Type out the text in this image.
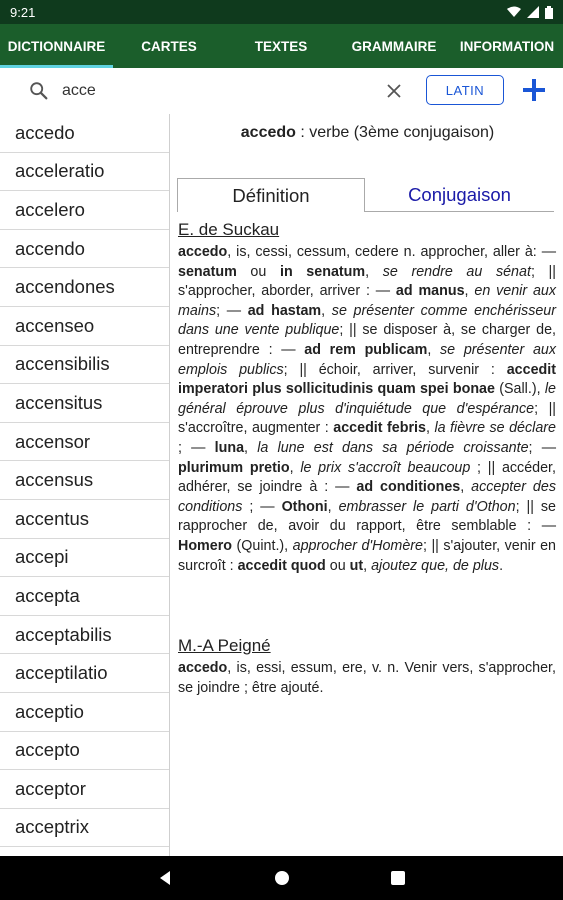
9:21
DICTIONNAIRE	CARTES	TEXTES	GRAMMAIRE	INFORMATION
acce
LATIN
accedo
acceleratio
accelero
accendo
accendones
accenseo
accensibilis
accensitus
accensor
accensus
accentus
accepi
accepta
acceptabilis
acceptilatio
acceptio
accepto
acceptor
acceptrix
accedo : verbe (3ème conjugaison)
Définition	Conjugaison
E. de Suckau
accedo, is, cessi, cessum, cedere n. approcher, aller à: — senatum ou in senatum, se rendre au sénat; || s'approcher, aborder, arriver : — ad manus, en venir aux mains; — ad hastam, se présenter comme enchérisseur dans une vente publique; || se disposer à, se charger de, entreprendre : — ad rem publicam, se présenter aux emplois publics; || échoir, arriver, survenir : accedit imperatori plus sollicitudinis quam spei bonae (Sall.), le général éprouve plus d'inquiétude que d'espérance; || s'accroître, augmenter : accedit febris, la fièvre se déclare ; — luna, la lune est dans sa période croissante; — plurimum pretio, le prix s'accroît beaucoup ; || accéder, adhérer, se joindre à : — ad conditiones, accepter des conditions ; — Othoni, embrasser le parti d'Othon; || se rapprocher de, avoir du rapport, être semblable : — Homero (Quint.), approcher d'Homère; || s'ajouter, venir en surcroît : accedit quod ou ut, ajoutez que, de plus.
M.-A Peigné
accedo, is, essi, essum, ere, v. n. Venir vers, s'approcher, se joindre ; être ajouté.
